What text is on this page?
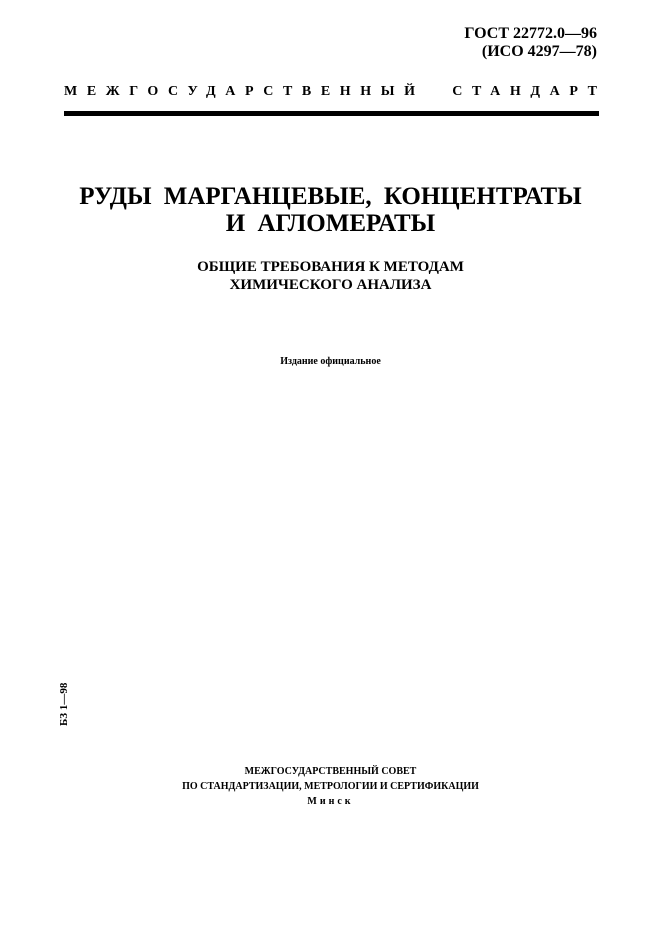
ГОСТ 22772.0—96
(ИСО 4297—78)
МЕЖГОСУДАРСТВЕННЫЙ СТАНДАРТ
РУДЫ МАРГАНЦЕВЫЕ, КОНЦЕНТРАТЫ
И АГЛОМЕРАТЫ
ОБЩИЕ ТРЕБОВАНИЯ К МЕТОДАМ
ХИМИЧЕСКОГО АНАЛИЗА
Издание официальное
БЗ 1—98
МЕЖГОСУДАРСТВЕННЫЙ СОВЕТ
ПО СТАНДАРТИЗАЦИИ, МЕТРОЛОГИИ И СЕРТИФИКАЦИИ
Минск
